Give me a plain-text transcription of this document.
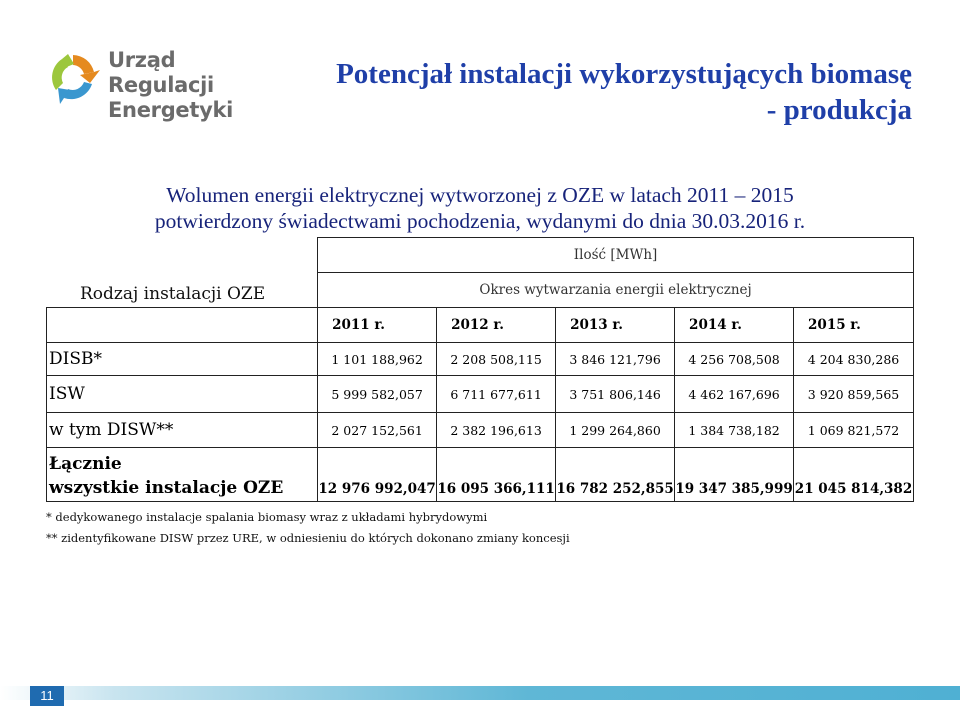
Urząd Regulacji
Energetyki
Potencjał instalacji wykorzystujących biomasę
- produkcja
Wolumen energii elektrycznej wytworzonej z OZE w latach 2011 – 2015
potwierdzony świadectwami pochodzenia, wydanymi do dnia 30.03.2016 r.
Rodzaj instalacji OZE
	Ilość [MWh]				
	Okres wytwarzania energii elektrycznej				
	2011 r.	2012 r.	2013 r.	2014 r.	2015 r.
DISB*	1 101 188,962	2 208 508,115	3 846 121,796	4 256 708,508	4 204 830,286
ISW	5 999 582,057	6 711 677,611	3 751 806,146	4 462 167,696	3 920 859,565
w tym DISW**	2 027 152,561	2 382 196,613	1 299 264,860	1 384 738,182	1 069 821,572

Łącznie
wszystkie instalacje OZE	12 976 992,047	16 095 366,111	16 782 252,855	19 347 385,999	21 045 814,382
* dedykowanego instalacje spalania biomasy wraz z układami hybrydowymi
** zidentyfikowane DISW przez URE, w odniesieniu do których dokonano zmiany koncesji
11
